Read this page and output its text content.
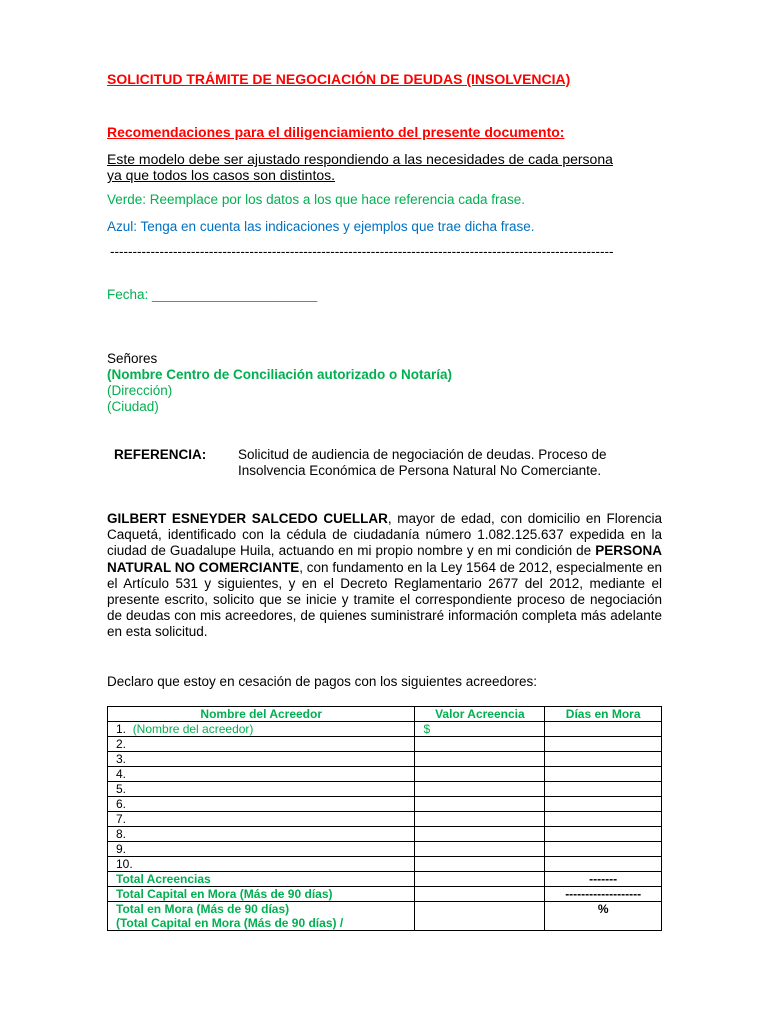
SOLICITUD TRÁMITE DE NEGOCIACIÓN DE DEUDAS (INSOLVENCIA)
Recomendaciones para el diligenciamiento del presente documento:
Este modelo debe ser ajustado respondiendo a las necesidades de cada persona
ya que todos los casos son distintos.
Verde: Reemplace por los datos a los que hace referencia cada frase.
Azul: Tenga en cuenta las indicaciones y ejemplos que trae dicha frase.
----------------------------------------------------------------------------------------------------------------
Fecha: ______________________
Señores
(Nombre Centro de Conciliación autorizado o Notaría)
(Dirección)
(Ciudad)
REFERENCIA: Solicitud de audiencia de negociación de deudas. Proceso de
Insolvencia Económica de Persona Natural No Comerciante.
GILBERT ESNEYDER SALCEDO CUELLAR, mayor de edad, con domicilio en Florencia Caquetá, identificado con la cédula de ciudadanía número 1.082.125.637 expedida en la ciudad de Guadalupe Huila, actuando en mi propio nombre y en mi condición de PERSONA NATURAL NO COMERCIANTE, con fundamento en la Ley 1564 de 2012, especialmente en el Artículo 531 y siguientes, y en el Decreto Reglamentario 2677 del 2012, mediante el presente escrito, solicito que se inicie y tramite el correspondiente proceso de negociación de deudas con mis acreedores, de quienes suministraré información completa más adelante en esta solicitud.
Declaro que estoy en cesación de pagos con los siguientes acreedores:
Nombre del Acreedor	Valor Acreencia	Días en Mora
1. (Nombre del acreedor)	$	
2.		
3.		
4.		
5.		
6.		
7.		
8.		
9.		
10.		
Total Acreencias		-------
Total Capital en Mora (Más de 90 días)		-------------------

Total en Mora (Más de 90 días)
(Total Capital en Mora (Más de 90 días) /		%
